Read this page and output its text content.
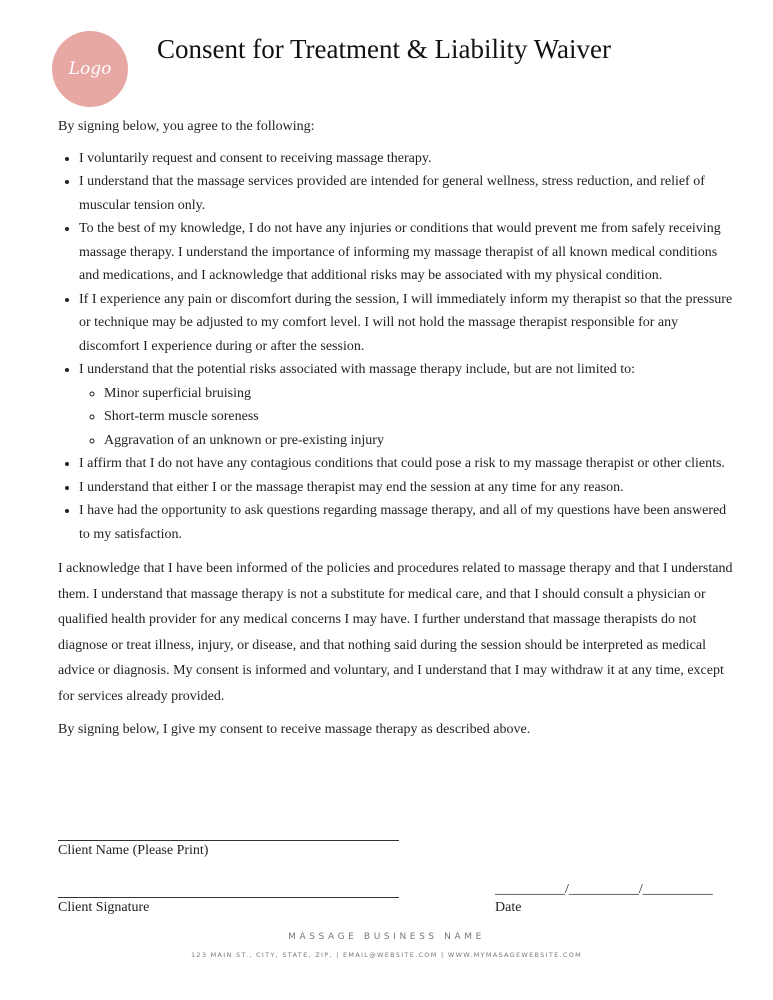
Logo
Consent for Treatment & Liability Waiver

By signing below, you agree to the following:

• I voluntarily request and consent to receiving massage therapy.
• I understand that the massage services provided are intended for general wellness, stress reduction, and relief of muscular tension only.
• To the best of my knowledge, I do not have any injuries or conditions that would prevent me from safely receiving massage therapy. I understand the importance of informing my massage therapist of all known medical conditions and medications, and I acknowledge that additional risks may be associated with my physical condition.
• If I experience any pain or discomfort during the session, I will immediately inform my therapist so that the pressure or technique may be adjusted to my comfort level. I will not hold the massage therapist responsible for any discomfort I experience during or after the session.
• I understand that the potential risks associated with massage therapy include, but are not limited to:
◦ Minor superficial bruising
◦ Short-term muscle soreness
◦ Aggravation of an unknown or pre-existing injury
• I affirm that I do not have any contagious conditions that could pose a risk to my massage therapist or other clients.
• I understand that either I or the massage therapist may end the session at any time for any reason.
• I have had the opportunity to ask questions regarding massage therapy, and all of my questions have been answered to my satisfaction.

I acknowledge that I have been informed of the policies and procedures related to massage therapy and that I understand them. I understand that massage therapy is not a substitute for medical care, and that I should consult a physician or qualified health provider for any medical concerns I may have. I further understand that massage therapists do not diagnose or treat illness, injury, or disease, and that nothing said during the session should be interpreted as medical advice or diagnosis. My consent is informed and voluntary, and I understand that I may withdraw it at any time, except for services already provided.

By signing below, I give my consent to receive massage therapy as described above.

Client Name (Please Print)
Client Signature
__________/__________/__________
Date
MASSAGE BUSINESS NAME
123 MAIN ST., CITY, STATE, ZIP, | EMAIL@WEBSITE.COM | WWW.MYMASAGEWEBSITE.COM
